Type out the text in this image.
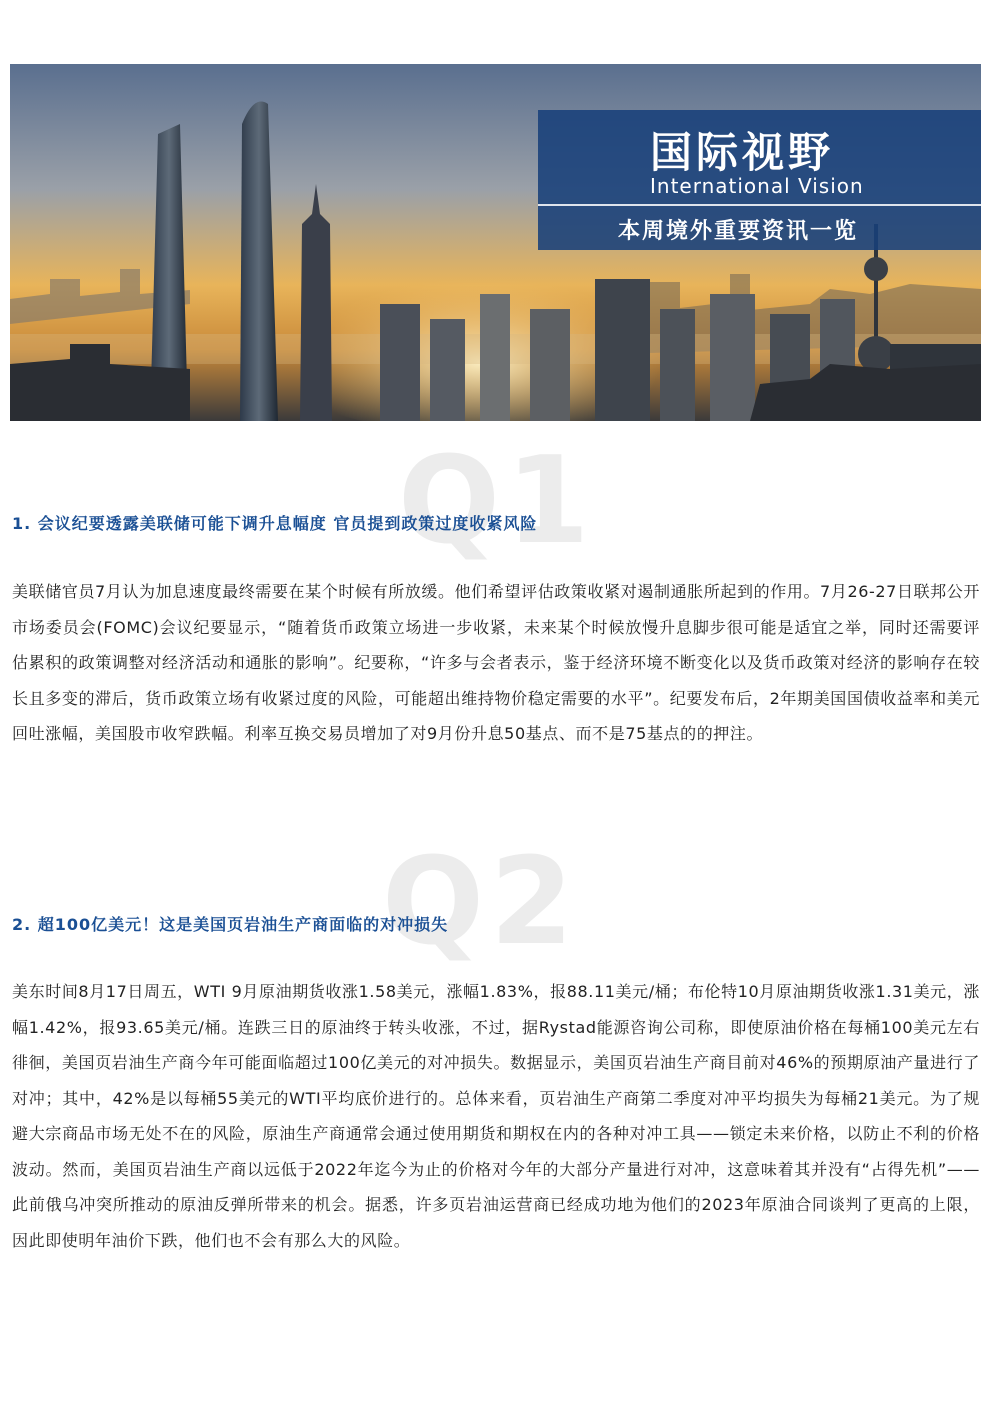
国际视野
International Vision
本周境外重要资讯一览
Q1
1. 会议纪要透露美联储可能下调升息幅度 官员提到政策过度收紧风险
美联储官员7月认为加息速度最终需要在某个时候有所放缓。他们希望评估政策收紧对遏制通胀所起到的作用。7月26-27日联邦公开市场委员会(FOMC)会议纪要显示，“随着货币政策立场进一步收紧，未来某个时候放慢升息脚步很可能是适宜之举，同时还需要评估累积的政策调整对经济活动和通胀的影响”。纪要称，“许多与会者表示，鉴于经济环境不断变化以及货币政策对经济的影响存在较长且多变的滞后，货币政策立场有收紧过度的风险，可能超出维持物价稳定需要的水平”。纪要发布后，2年期美国国债收益率和美元回吐涨幅，美国股市收窄跌幅。利率互换交易员增加了对9月份升息50基点、而不是75基点的的押注。
Q2
2. 超100亿美元！这是美国页岩油生产商面临的对冲损失
美东时间8月17日周五，WTI 9月原油期货收涨1.58美元，涨幅1.83%，报88.11美元/桶；布伦特10月原油期货收涨1.31美元，涨幅1.42%，报93.65美元/桶。连跌三日的原油终于转头收涨，不过，据Rystad能源咨询公司称，即使原油价格在每桶100美元左右徘徊，美国页岩油生产商今年可能面临超过100亿美元的对冲损失。数据显示，美国页岩油生产商目前对46%的预期原油产量进行了对冲；其中，42%是以每桶55美元的WTI平均底价进行的。总体来看，页岩油生产商第二季度对冲平均损失为每桶21美元。为了规避大宗商品市场无处不在的风险，原油生产商通常会通过使用期货和期权在内的各种对冲工具——锁定未来价格，以防止不利的价格波动。然而，美国页岩油生产商以远低于2022年迄今为止的价格对今年的大部分产量进行对冲，这意味着其并没有“占得先机”——此前俄乌冲突所推动的原油反弹所带来的机会。据悉，许多页岩油运营商已经成功地为他们的2023年原油合同谈判了更高的上限，因此即使明年油价下跌，他们也不会有那么大的风险。
